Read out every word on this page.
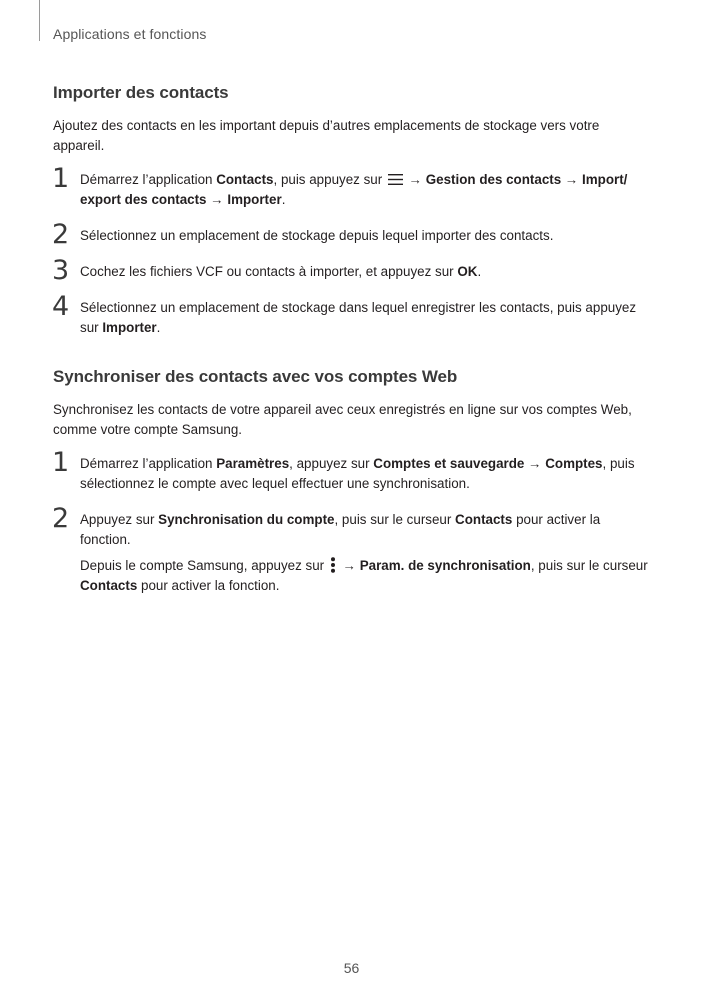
Applications et fonctions
Importer des contacts

Ajoutez des contacts en les important depuis d’autres emplacements de stockage vers votre appareil.

1 Démarrez l’application Contacts, puis appuyez sur  → Gestion des contacts → Import/ export des contacts → Importer.
2 Sélectionnez un emplacement de stockage depuis lequel importer des contacts.
3 Cochez les fichiers VCF ou contacts à importer, et appuyez sur OK.
4 Sélectionnez un emplacement de stockage dans lequel enregistrer les contacts, puis appuyez sur Importer.
Synchroniser des contacts avec vos comptes Web

Synchronisez les contacts de votre appareil avec ceux enregistrés en ligne sur vos comptes Web, comme votre compte Samsung.

1 Démarrez l’application Paramètres, appuyez sur Comptes et sauvegarde → Comptes, puis sélectionnez le compte avec lequel effectuer une synchronisation.
2 Appuyez sur Synchronisation du compte, puis sur le curseur Contacts pour activer la fonction.
Depuis le compte Samsung, appuyez sur  → Param. de synchronisation, puis sur le curseur Contacts pour activer la fonction.
56
